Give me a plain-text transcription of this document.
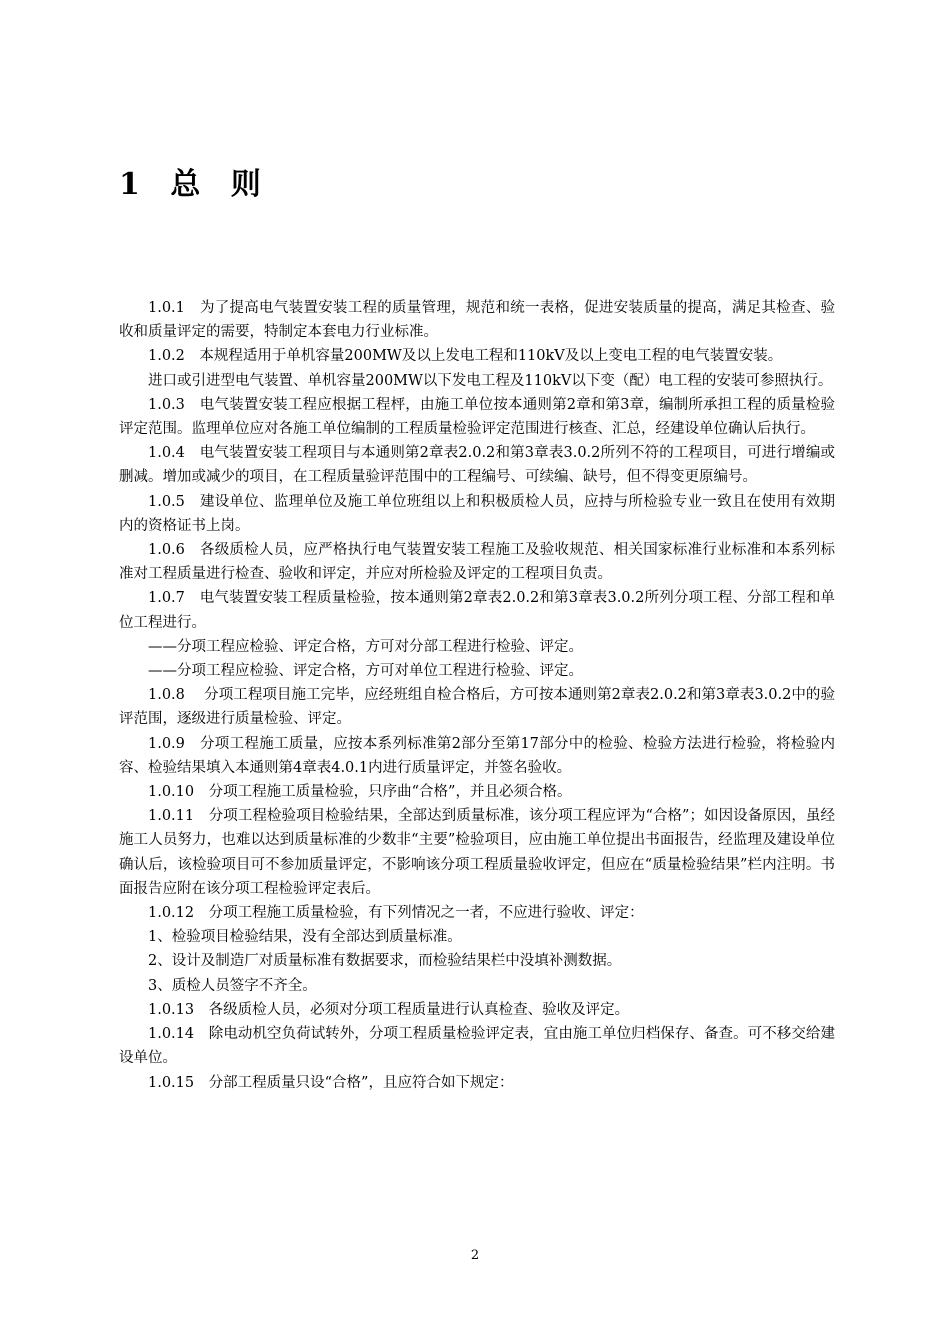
1 总 则

1.0.1　为了提高电气装置安装工程的质量管理，规范和统一表格，促进安装质量的提高，满足其检查、验收和质量评定的需要，特制定本套电力行业标准。

1.0.2　本规程适用于单机容量200MW及以上发电工程和110kV及以上变电工程的电气装置安装。

进口或引进型电气装置、单机容量200MW以下发电工程及110kV以下变（配）电工程的安装可参照执行。

1.0.3　电气装置安装工程应根据工程枰，由施工单位按本通则第2章和第3章，编制所承担工程的质量检验评定范围。监理单位应对各施工单位编制的工程质量检验评定范围进行核查、汇总，经建设单位确认后执行。

1.0.4　电气装置安装工程项目与本通则第2章表2.0.2和第3章表3.0.2所列不符的工程项目，可进行增编或删减。增加或减少的项目，在工程质量验评范围中的工程编号、可续编、缺号，但不得变更原编号。

1.0.5　建设单位、监理单位及施工单位班组以上和积极质检人员，应持与所检验专业一致且在使用有效期内的资格证书上岗。

1.0.6　各级质检人员，应严格执行电气装置安装工程施工及验收规范、相关国家标准行业标准和本系列标准对工程质量进行检查、验收和评定，并应对所检验及评定的工程项目负责。

1.0.7　电气装置安装工程质量检验，按本通则第2章表2.0.2和第3章表3.0.2所列分项工程、分部工程和单位工程进行。

——分项工程应检验、评定合格，方可对分部工程进行检验、评定。

——分项工程应检验、评定合格，方可对单位工程进行检验、评定。

1.0.8　 分项工程项目施工完毕，应经班组自检合格后，方可按本通则第2章表2.0.2和第3章表3.0.2中的验评范围，逐级进行质量检验、评定。

1.0.9　分项工程施工质量，应按本系列标准第2部分至第17部分中的检验、检验方法进行检验，将检验内容、检验结果填入本通则第4章表4.0.1内进行质量评定，并签名验收。

1.0.10　分项工程施工质量检验，只序曲“合格”，并且必须合格。

1.0.11　分项工程检验项目检验结果，全部达到质量标准，该分项工程应评为“合格”；如因设备原因，虽经施工人员努力，也难以达到质量标准的少数非“主要”检验项目，应由施工单位提出书面报告，经监理及建设单位确认后，该检验项目可不参加质量评定，不影响该分项工程质量验收评定，但应在“质量检验结果”栏内注明。书面报告应附在该分项工程检验评定表后。

1.0.12　分项工程施工质量检验，有下列情况之一者，不应进行验收、评定：

1、检验项目检验结果，没有全部达到质量标准。

2、设计及制造厂对质量标准有数据要求，而检验结果栏中没填补测数据。

3、质检人员签字不齐全。

1.0.13　各级质检人员，必须对分项工程质量进行认真检查、验收及评定。

1.0.14　除电动机空负荷试转外，分项工程质量检验评定表，宜由施工单位归档保存、备查。可不移交给建设单位。

1.0.15　分部工程质量只设“合格”，且应符合如下规定：

2
